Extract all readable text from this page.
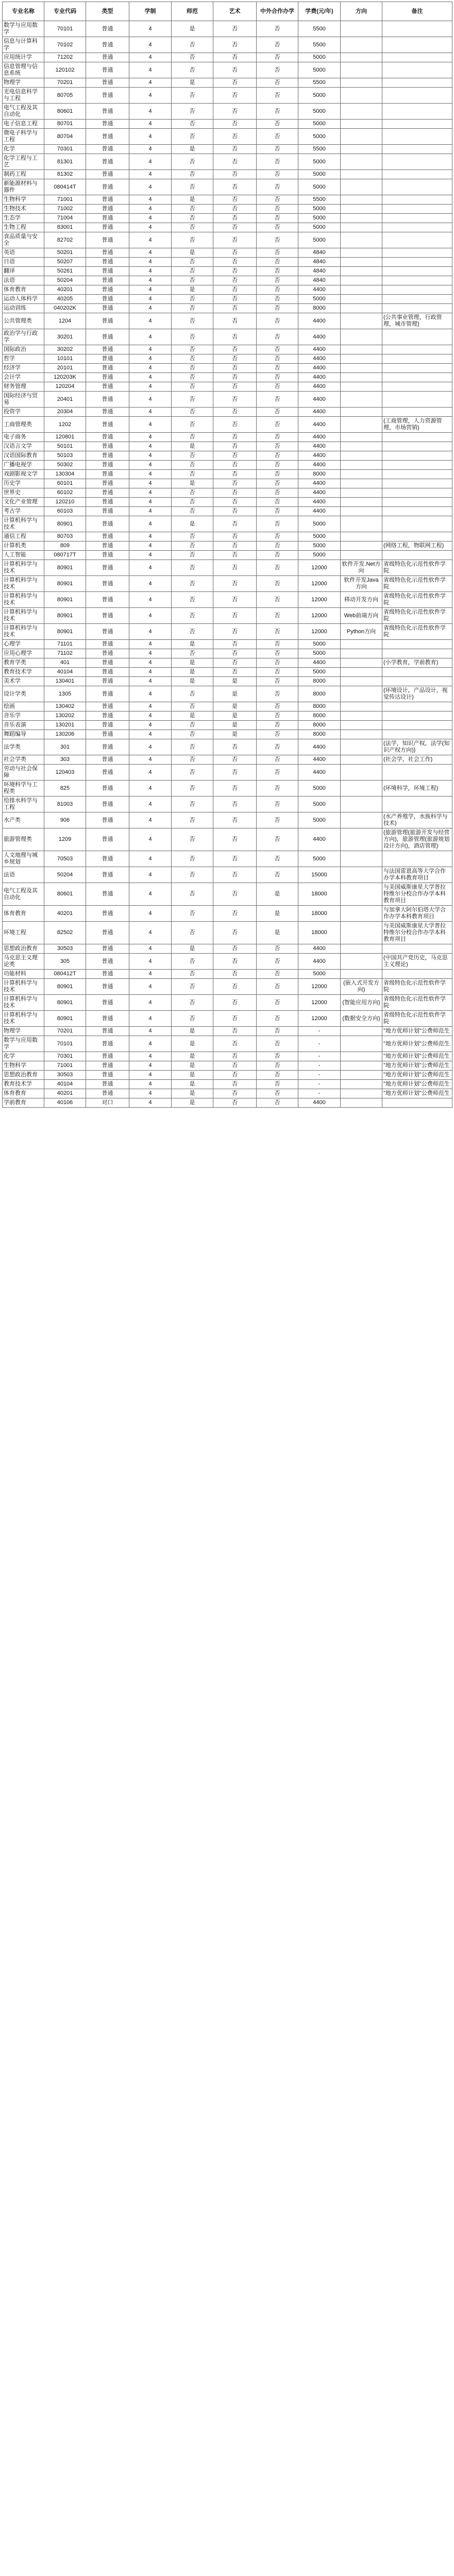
专业名称	专业代码	类型	学制	师范	艺术	中外合作办学	学费(元/年)	方向	备注
数学与应用数学	70101	普通	4	是	否	否	5500		
信息与计算科学	70102	普通	4	否	否	否	5500		
应用统计学	71202	普通	4	否	否	否	5000		
信息管理与信息系统	120102	普通	4	否	否	否	5000		
物理学	70201	普通	4	是	否	否	5500		
光电信息科学与工程	80705	普通	4	否	否	否	5000		
电气工程及其自动化	80601	普通	4	否	否	否	5000		
电子信息工程	80701	普通	4	否	否	否	5000		
微电子科学与工程	80704	普通	4	否	否	否	5000		
化学	70301	普通	4	是	否	否	5500		
化学工程与工艺	81301	普通	4	否	否	否	5000		
制药工程	81302	普通	4	否	否	否	5000		
新能源材料与器件	080414T	普通	4	否	否	否	5000		
生物科学	71001	普通	4	是	否	否	5500		
生物技术	71002	普通	4	否	否	否	5000		
生态学	71004	普通	4	否	否	否	5000		
生物工程	83001	普通	4	否	否	否	5000		
食品质量与安全	82702	普通	4	否	否	否	5000		
英语	50201	普通	4	是	否	否	4840		
日语	50207	普通	4	否	否	否	4840		
翻译	50261	普通	4	否	否	否	4840		
法语	50204	普通	4	否	否	否	4840		
体育教育	40201	普通	4	是	否	否	4400		
运动人体科学	40205	普通	4	否	否	否	5000		
运动训练	040202K	普通	4	否	否	否	8000		
公共管理类	1204	普通	4	否	否	否	4400		(公共事业管理，行政管理，城市管理)
政治学与行政学	30201	普通	4	否	否	否	4400		
国际政治	30202	普通	4	否	否	否	4400		
哲学	10101	普通	4	否	否	否	4400		
经济学	20101	普通	4	否	否	否	4400		
会计学	120203K	普通	4	否	否	否	4400		
财务管理	120204	普通	4	否	否	否	4400		
国际经济与贸易	20401	普通	4	否	否	否	4400		
投资学	20304	普通	4	否	否	否	4400		
工商管理类	1202	普通	4	否	否	否	4400		(工商管理，人力资源管理，市场营销)
电子商务	120801	普通	4	否	否	否	4400		
汉语言文学	50101	普通	4	是	否	否	4400		
汉语国际教育	50103	普通	4	否	否	否	4400		
广播电视学	50302	普通	4	否	否	否	4400		
戏剧影视文学	130304	普通	4	否	否	否	8000		
历史学	60101	普通	4	是	否	否	4400		
世界史	60102	普通	4	否	否	否	4400		
文化产业管理	120210	普通	4	否	否	否	4400		
考古学	60103	普通	4	否	否	否	4400		
计算机科学与技术	80901	普通	4	是	否	否	5000		
通信工程	80703	普通	4	否	否	否	5000		
计算机类	809	普通	4	否	否	否	5000		(网络工程，物联网工程)
人工智能	080717T	普通	4	否	否	否	5000		
计算机科学与技术	80901	普通	4	否	否	否	12000	软件开发.Net方向	省级特色化示范性软件学院
计算机科学与技术	80901	普通	4	否	否	否	12000	软件开发Java方向	省级特色化示范性软件学院
计算机科学与技术	80901	普通	4	否	否	否	12000	移动开发方向	省级特色化示范性软件学院
计算机科学与技术	80901	普通	4	否	否	否	12000	Web前端方向	省级特色化示范性软件学院
计算机科学与技术	80901	普通	4	否	否	否	12000	Python方向	省级特色化示范性软件学院
心理学	71101	普通	4	是	否	否	5000		
应用心理学	71102	普通	4	否	否	否	5000		
教育学类	401	普通	4	是	否	否	4400		(小学教育，学前教育)
教育技术学	40104	普通	4	是	否	否	5000		
美术学	130401	普通	4	是	是	否	8000		
设计学类	1305	普通	4	否	是	否	8000		(环境设计，产品设计，视觉传达设计)
绘画	130402	普通	4	否	是	否	8000		
音乐学	130202	普通	4	是	是	否	8000		
音乐表演	130201	普通	4	否	是	否	8000		
舞蹈编导	130206	普通	4	否	是	否	8000		
法学类	301	普通	4	否	否	否	4400		(法学，知识产权，法学(知识产权方向))
社会学类	303	普通	4	否	否	否	4400		(社会学，社会工作)
劳动与社会保障	120403	普通	4	否	否	否	4400		
环境科学与工程类	825	普通	4	否	否	否	5000		(环境科学，环境工程)
给排水科学与工程	81003	普通	4	否	否	否	5000		
水产类	906	普通	4	否	否	否	5000		(水产养殖学，水族科学与技术)
旅游管理类	1209	普通	4	否	否	否	4400		(旅游管理(旅游开发与经营方向)，旅游管理(旅游规划设计方向)，酒店管理)
人文地理与城乡规划	70503	普通	4	否	否	否	5000		
法语	50204	普通	4	否	否	否	15000		与法国雷恩高等大学合作办学本科教育项目
电气工程及其自动化	80601	普通	4	否	否	是	18000		与美国威斯康星大学普拉特维尔分校合作办学本科教育项目
体育教育	40201	普通	4	否	否	是	18000		与加拿大阿尔伯塔大学合作办学本科教育项目
环境工程	82502	普通	4	否	否	是	18000		与美国威斯康星大学普拉特维尔分校合作办学本科教育项目
思想政治教育	30503	普通	4	是	否	否	4400		
马克思主义理论类	305	普通	4	否	否	否	4400		(中国共产党历史，马克思主义理论)
功能材料	080412T	普通	4	否	否	否	5000		
计算机科学与技术	80901	普通	4	否	否	否	12000	(嵌入式开发方向)	省级特色化示范性软件学院
计算机科学与技术	80901	普通	4	否	否	否	12000	(智能应用方向)	省级特色化示范性软件学院
计算机科学与技术	80901	普通	4	否	否	否	12000	(数据安全方向)	省级特色化示范性软件学院
物理学	70201	普通	4	是	否	否	-		"地方优师计划"公费师范生
数学与应用数学	70101	普通	4	是	否	否	-		"地方优师计划"公费师范生
化学	70301	普通	4	是	否	否	-		"地方优师计划"公费师范生
生物科学	71001	普通	4	是	否	否	-		"地方优师计划"公费师范生
思想政治教育	30503	普通	4	是	否	否	-		"地方优师计划"公费师范生
教育技术学	40104	普通	4	是	否	否	-		"地方优师计划"公费师范生
体育教育	40201	普通	4	是	否	否	-		"地方优师计划"公费师范生
学前教育	40106	对口	4	是	否	否	4400		
